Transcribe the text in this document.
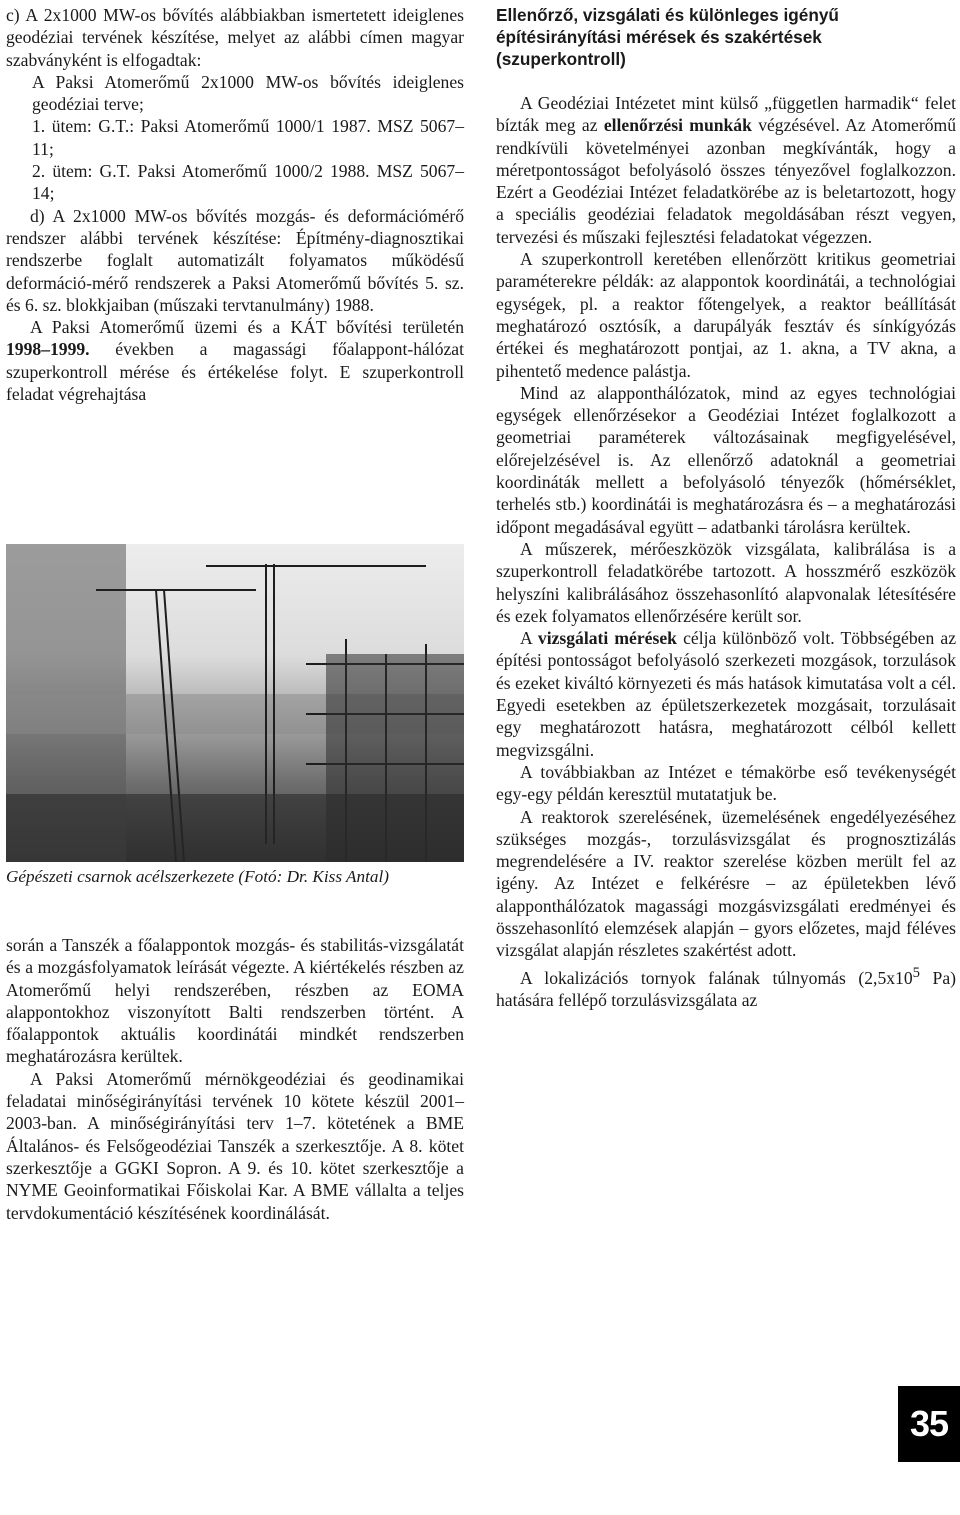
c) A 2x1000 MW-os bővítés alábbiakban ismertetett ideiglenes geodéziai tervének készítése, melyet az alábbi címen magyar szabványként is elfogadtak:

A Paksi Atomerőmű 2x1000 MW-os bővítés ideiglenes geodéziai terve;

1. ütem: G.T.: Paksi Atomerőmű 1000/1 1987. MSZ 5067–11;

2. ütem: G.T. Paksi Atomerőmű 1000/2 1988. MSZ 5067–14;

d) A 2x1000 MW-os bővítés mozgás- és deformációmérő rendszer alábbi tervének készítése: Építmény-diagnosztikai rendszerbe foglalt automatizált folyamatos működésű deformáció-mérő rendszerek a Paksi Atomerőmű bővítés 5. sz. és 6. sz. blokkjaiban (műszaki tervtanulmány) 1988.

A Paksi Atomerőmű üzemi és a KÁT bővítési területén 1998–1999. években a magassági főalappont-hálózat szuperkontroll mérése és értékelése folyt. E szuperkontroll feladat végrehajtása

Gépészeti csarnok acélszerkezete (Fotó: Dr. Kiss Antal)

során a Tanszék a főalappontok mozgás- és stabilitás-vizsgálatát és a mozgásfolyamatok leírását végezte. A kiértékelés részben az Atomerőmű helyi rendszerében, részben az EOMA alappontokhoz viszonyított Balti rendszerben történt. A főalappontok aktuális koordinátái mindkét rendszerben meghatározásra kerültek.

A Paksi Atomerőmű mérnökgeodéziai és geodinamikai feladatai minőségirányítási tervének 10 kötete készül 2001–2003-ban. A minőségirányítási terv 1–7. kötetének a BME Általános- és Felsőgeodéziai Tanszék a szerkesztője. A 8. kötet szerkesztője a GGKI Sopron. A 9. és 10. kötet szerkesztője a NYME Geoinformatikai Főiskolai Kar. A BME vállalta a teljes tervdokumentáció készítésének koordinálását.

Ellenőrző, vizsgálati és különleges igényű építésirányítási mérések és szakértések (szuperkontroll)

A Geodéziai Intézetet mint külső „független harmadik“ felet bízták meg az ellenőrzési munkák végzésével. Az Atomerőmű rendkívüli követelményei azonban megkívánták, hogy a méretpontosságot befolyásoló összes tényezővel foglalkozzon. Ezért a Geodéziai Intézet feladatkörébe az is beletartozott, hogy a speciális geodéziai feladatok megoldásában részt vegyen, tervezési és műszaki fejlesztési feladatokat végezzen.

A szuperkontroll keretében ellenőrzött kritikus geometriai paraméterekre példák: az alappontok koordinátái, a technológiai egységek, pl. a reaktor főtengelyek, a reaktor beállítását meghatározó osztósík, a darupályák fesztáv és sínkígyózás értékei és meghatározott pontjai, az 1. akna, a TV akna, a pihentető medence palástja.

Mind az alapponthálózatok, mind az egyes technológiai egységek ellenőrzésekor a Geodéziai Intézet foglalkozott a geometriai paraméterek változásainak megfigyelésével, előrejelzésével is. Az ellenőrző adatoknál a geometriai koordináták mellett a befolyásoló tényezők (hőmérséklet, terhelés stb.) koordinátái is meghatározásra és – a meghatározási időpont megadásával együtt – adatbanki tárolásra kerültek.

A műszerek, mérőeszközök vizsgálata, kalibrálása is a szuperkontroll feladatkörébe tartozott. A hosszmérő eszközök helyszíni kalibrálásához összehasonlító alapvonalak létesítésére és ezek folyamatos ellenőrzésére került sor.

A vizsgálati mérések célja különböző volt. Többségében az építési pontosságot befolyásoló szerkezeti mozgások, torzulások és ezeket kiváltó környezeti és más hatások kimutatása volt a cél. Egyedi esetekben az épületszerkezetek mozgásait, torzulásait egy meghatározott hatásra, meghatározott célból kellett megvizsgálni.

A továbbiakban az Intézet e témakörbe eső tevékenységét egy-egy példán keresztül mutatatjuk be.

A reaktorok szerelésének, üzemelésének engedélyezéséhez szükséges mozgás-, torzulásvizsgálat és prognosztizálás megrendelésére a IV. reaktor szerelése közben merült fel az igény. Az Intézet e felkérésre – az épületekben lévő alapponthálózatok magassági mozgásvizsgálati eredményei és összehasonlító elemzések alapján – gyors előzetes, majd féléves vizsgálat alapján részletes szakértést adott.

A lokalizációs tornyok falának túlnyomás ($2,5x10^5$ Pa) hatására fellépő torzulásvizsgálata az

35
